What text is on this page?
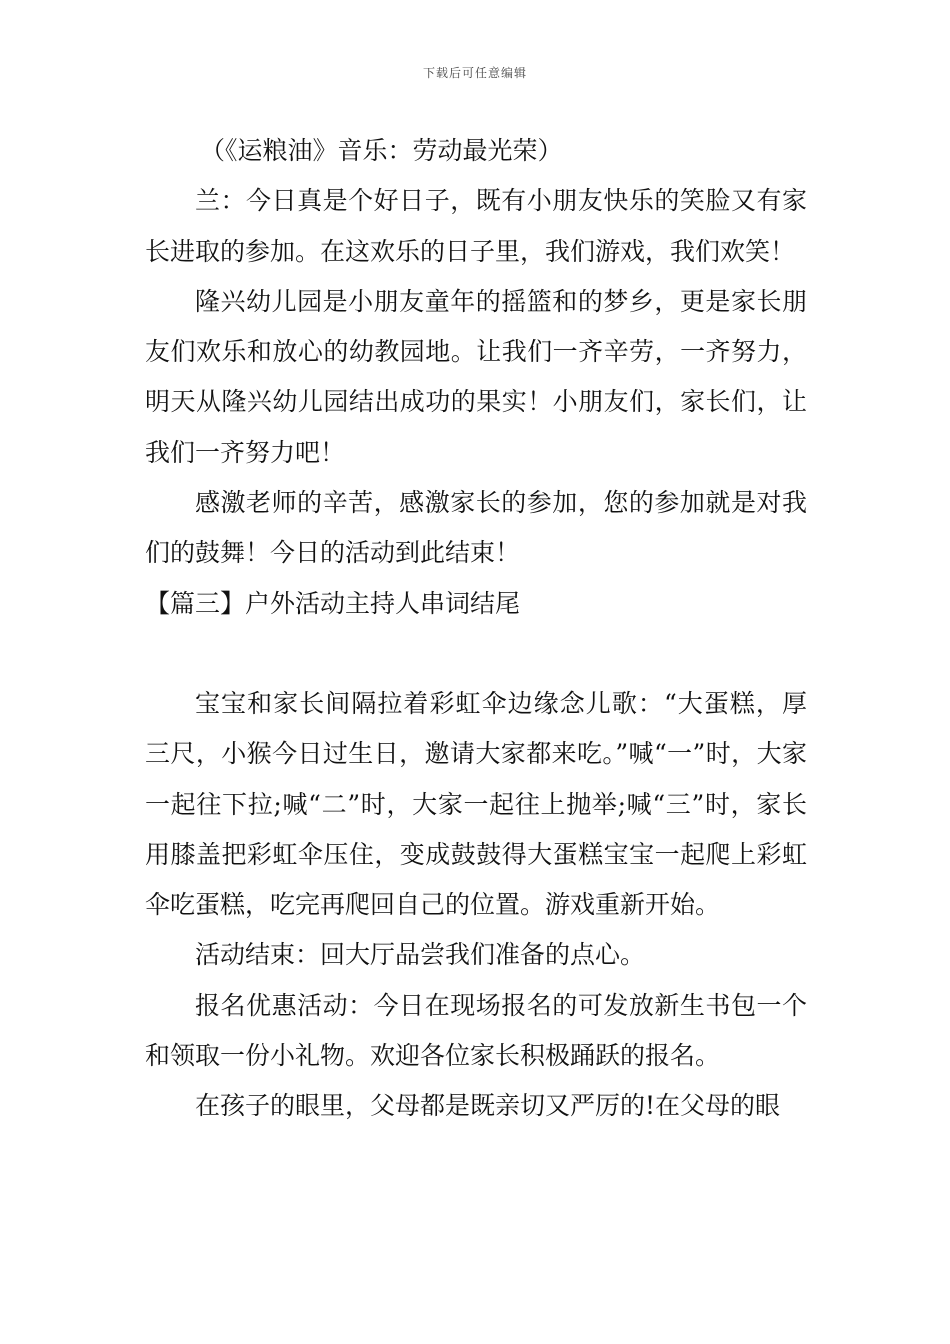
下载后可任意编辑

（《运粮油》音乐：劳动最光荣）

兰：今日真是个好日子，既有小朋友快乐的笑脸又有家长进取的参加。在这欢乐的日子里，我们游戏，我们欢笑！

隆兴幼儿园是小朋友童年的摇篮和的梦乡，更是家长朋友们欢乐和放心的幼教园地。让我们一齐辛劳，一齐努力，明天从隆兴幼儿园结出成功的果实！小朋友们，家长们，让我们一齐努力吧！

感激老师的辛苦，感激家长的参加，您的参加就是对我们的鼓舞！今日的活动到此结束！

【篇三】户外活动主持人串词结尾

宝宝和家长间隔拉着彩虹伞边缘念儿歌：“大蛋糕，厚三尺，小猴今日过生日，邀请大家都来吃。”喊“一”时，大家一起往下拉;喊“二”时，大家一起往上抛举;喊“三”时，家长用膝盖把彩虹伞压住，变成鼓鼓得大蛋糕宝宝一起爬上彩虹伞吃蛋糕，吃完再爬回自己的位置。游戏重新开始。

活动结束：回大厅品尝我们准备的点心。

报名优惠活动：今日在现场报名的可发放新生书包一个和领取一份小礼物。欢迎各位家长积极踊跃的报名。

在孩子的眼里，父母都是既亲切又严厉的!在父母的眼
